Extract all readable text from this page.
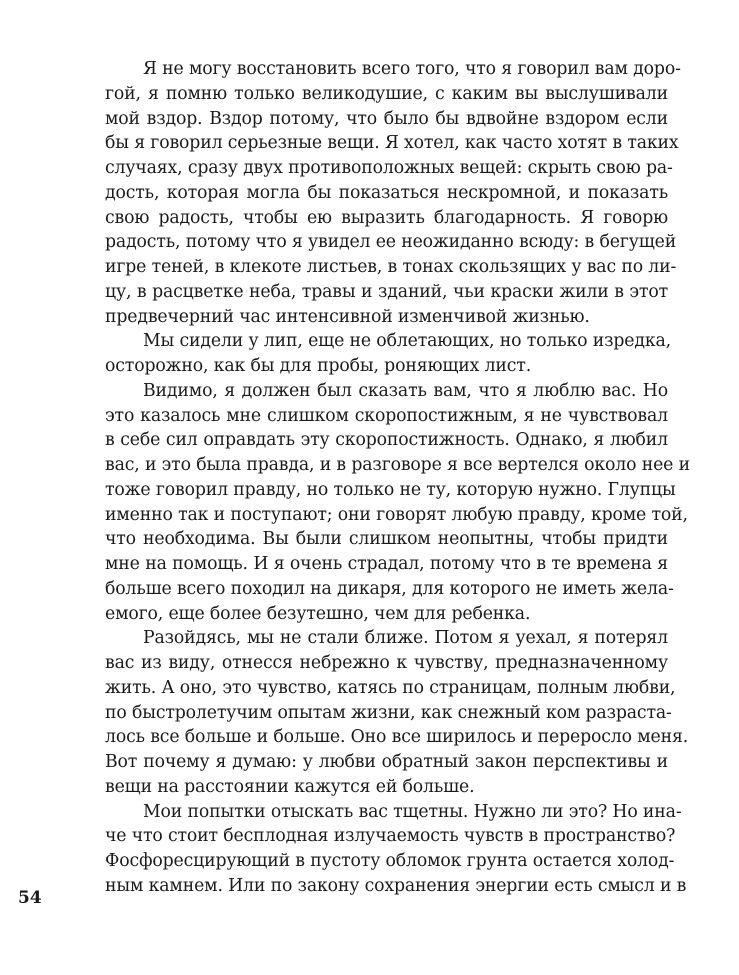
Я не могу восстановить всего того, что я говорил вам доро-
гой, я помню только великодушие, с каким вы выслушивали
мой вздор. Вздор потому, что было бы вдвойне вздором если
бы я говорил серьезные вещи. Я хотел, как часто хотят в таких
случаях, сразу двух противоположных вещей: скрыть свою ра-
дость, которая могла бы показаться нескромной, и показать
свою радость, чтобы ею выразить благодарность. Я говорю
радость, потому что я увидел ее неожиданно всюду: в бегущей
игре теней, в клекоте листьев, в тонах скользящих у вас по ли-
цу, в расцветке неба, травы и зданий, чьи краски жили в этот
предвечерний час интенсивной изменчивой жизнью.
Мы сидели у лип, еще не облетающих, но только изредка,
осторожно, как бы для пробы, роняющих лист.
Видимо, я должен был сказать вам, что я люблю вас. Но
это казалось мне слишком скоропостижным, я не чувствовал
в себе сил оправдать эту скоропостижность. Однако, я любил
вас, и это была правда, и в разговоре я все вертелся около нее и
тоже говорил правду, но только не ту, которую нужно. Глупцы
именно так и поступают; они говорят любую правду, кроме той,
что необходима. Вы были слишком неопытны, чтобы придти
мне на помощь. И я очень страдал, потому что в те времена я
больше всего походил на дикаря, для которого не иметь жела-
емого, еще более безутешно, чем для ребенка.
Разойдясь, мы не стали ближе. Потом я уехал, я потерял
вас из виду, отнесся небрежно к чувству, предназначенному
жить. А оно, это чувство, катясь по страницам, полным любви,
по быстролетучим опытам жизни, как снежный ком разраста-
лось все больше и больше. Оно все ширилось и переросло меня.
Вот почему я думаю: у любви обратный закон перспективы и
вещи на расстоянии кажутся ей больше.
Мои попытки отыскать вас тщетны. Нужно ли это? Но ина-
че что стоит бесплодная излучаемость чувств в пространство?
Фосфоресцирующий в пустоту обломок грунта остается холод-
ным камнем. Или по закону сохранения энергии есть смысл и в
54
